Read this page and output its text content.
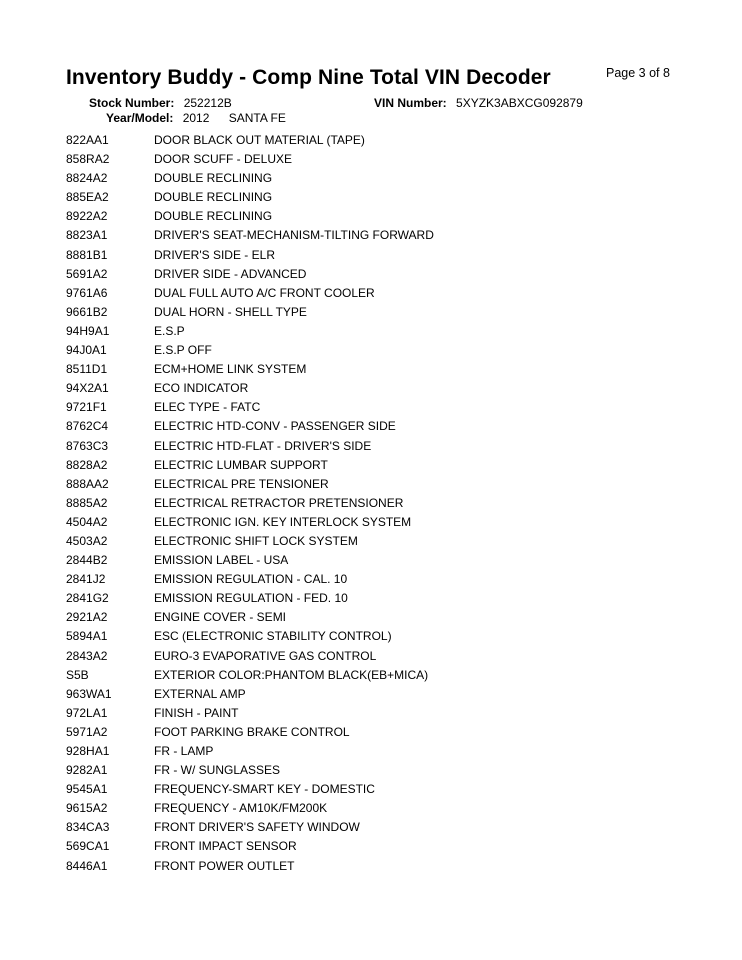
Inventory Buddy - Comp Nine Total VIN Decoder	Page 3 of 8
Stock Number: 252212B	VIN Number: 5XYZK3ABXCG092879
Year/Model: 2012 SANTA FE
822AA1	DOOR BLACK OUT MATERIAL (TAPE)
858RA2	DOOR SCUFF - DELUXE
8824A2	DOUBLE RECLINING
885EA2	DOUBLE RECLINING
8922A2	DOUBLE RECLINING
8823A1	DRIVER'S SEAT-MECHANISM-TILTING FORWARD
8881B1	DRIVER'S SIDE - ELR
5691A2	DRIVER SIDE - ADVANCED
9761A6	DUAL FULL AUTO A/C FRONT COOLER
9661B2	DUAL HORN - SHELL TYPE
94H9A1	E.S.P
94J0A1	E.S.P OFF
8511D1	ECM+HOME LINK SYSTEM
94X2A1	ECO INDICATOR
9721F1	ELEC TYPE - FATC
8762C4	ELECTRIC HTD-CONV - PASSENGER SIDE
8763C3	ELECTRIC HTD-FLAT - DRIVER'S SIDE
8828A2	ELECTRIC LUMBAR SUPPORT
888AA2	ELECTRICAL PRE TENSIONER
8885A2	ELECTRICAL RETRACTOR PRETENSIONER
4504A2	ELECTRONIC IGN. KEY INTERLOCK SYSTEM
4503A2	ELECTRONIC SHIFT LOCK SYSTEM
2844B2	EMISSION LABEL - USA
2841J2	EMISSION REGULATION - CAL. 10
2841G2	EMISSION REGULATION - FED. 10
2921A2	ENGINE COVER - SEMI
5894A1	ESC (ELECTRONIC STABILITY CONTROL)
2843A2	EURO-3 EVAPORATIVE GAS CONTROL
S5B	EXTERIOR COLOR:PHANTOM BLACK(EB+MICA)
963WA1	EXTERNAL AMP
972LA1	FINISH - PAINT
5971A2	FOOT PARKING BRAKE CONTROL
928HA1	FR - LAMP
9282A1	FR - W/ SUNGLASSES
9545A1	FREQUENCY-SMART KEY - DOMESTIC
9615A2	FREQUENCY - AM10K/FM200K
834CA3	FRONT DRIVER'S SAFETY WINDOW
569CA1	FRONT IMPACT SENSOR
8446A1	FRONT POWER OUTLET
